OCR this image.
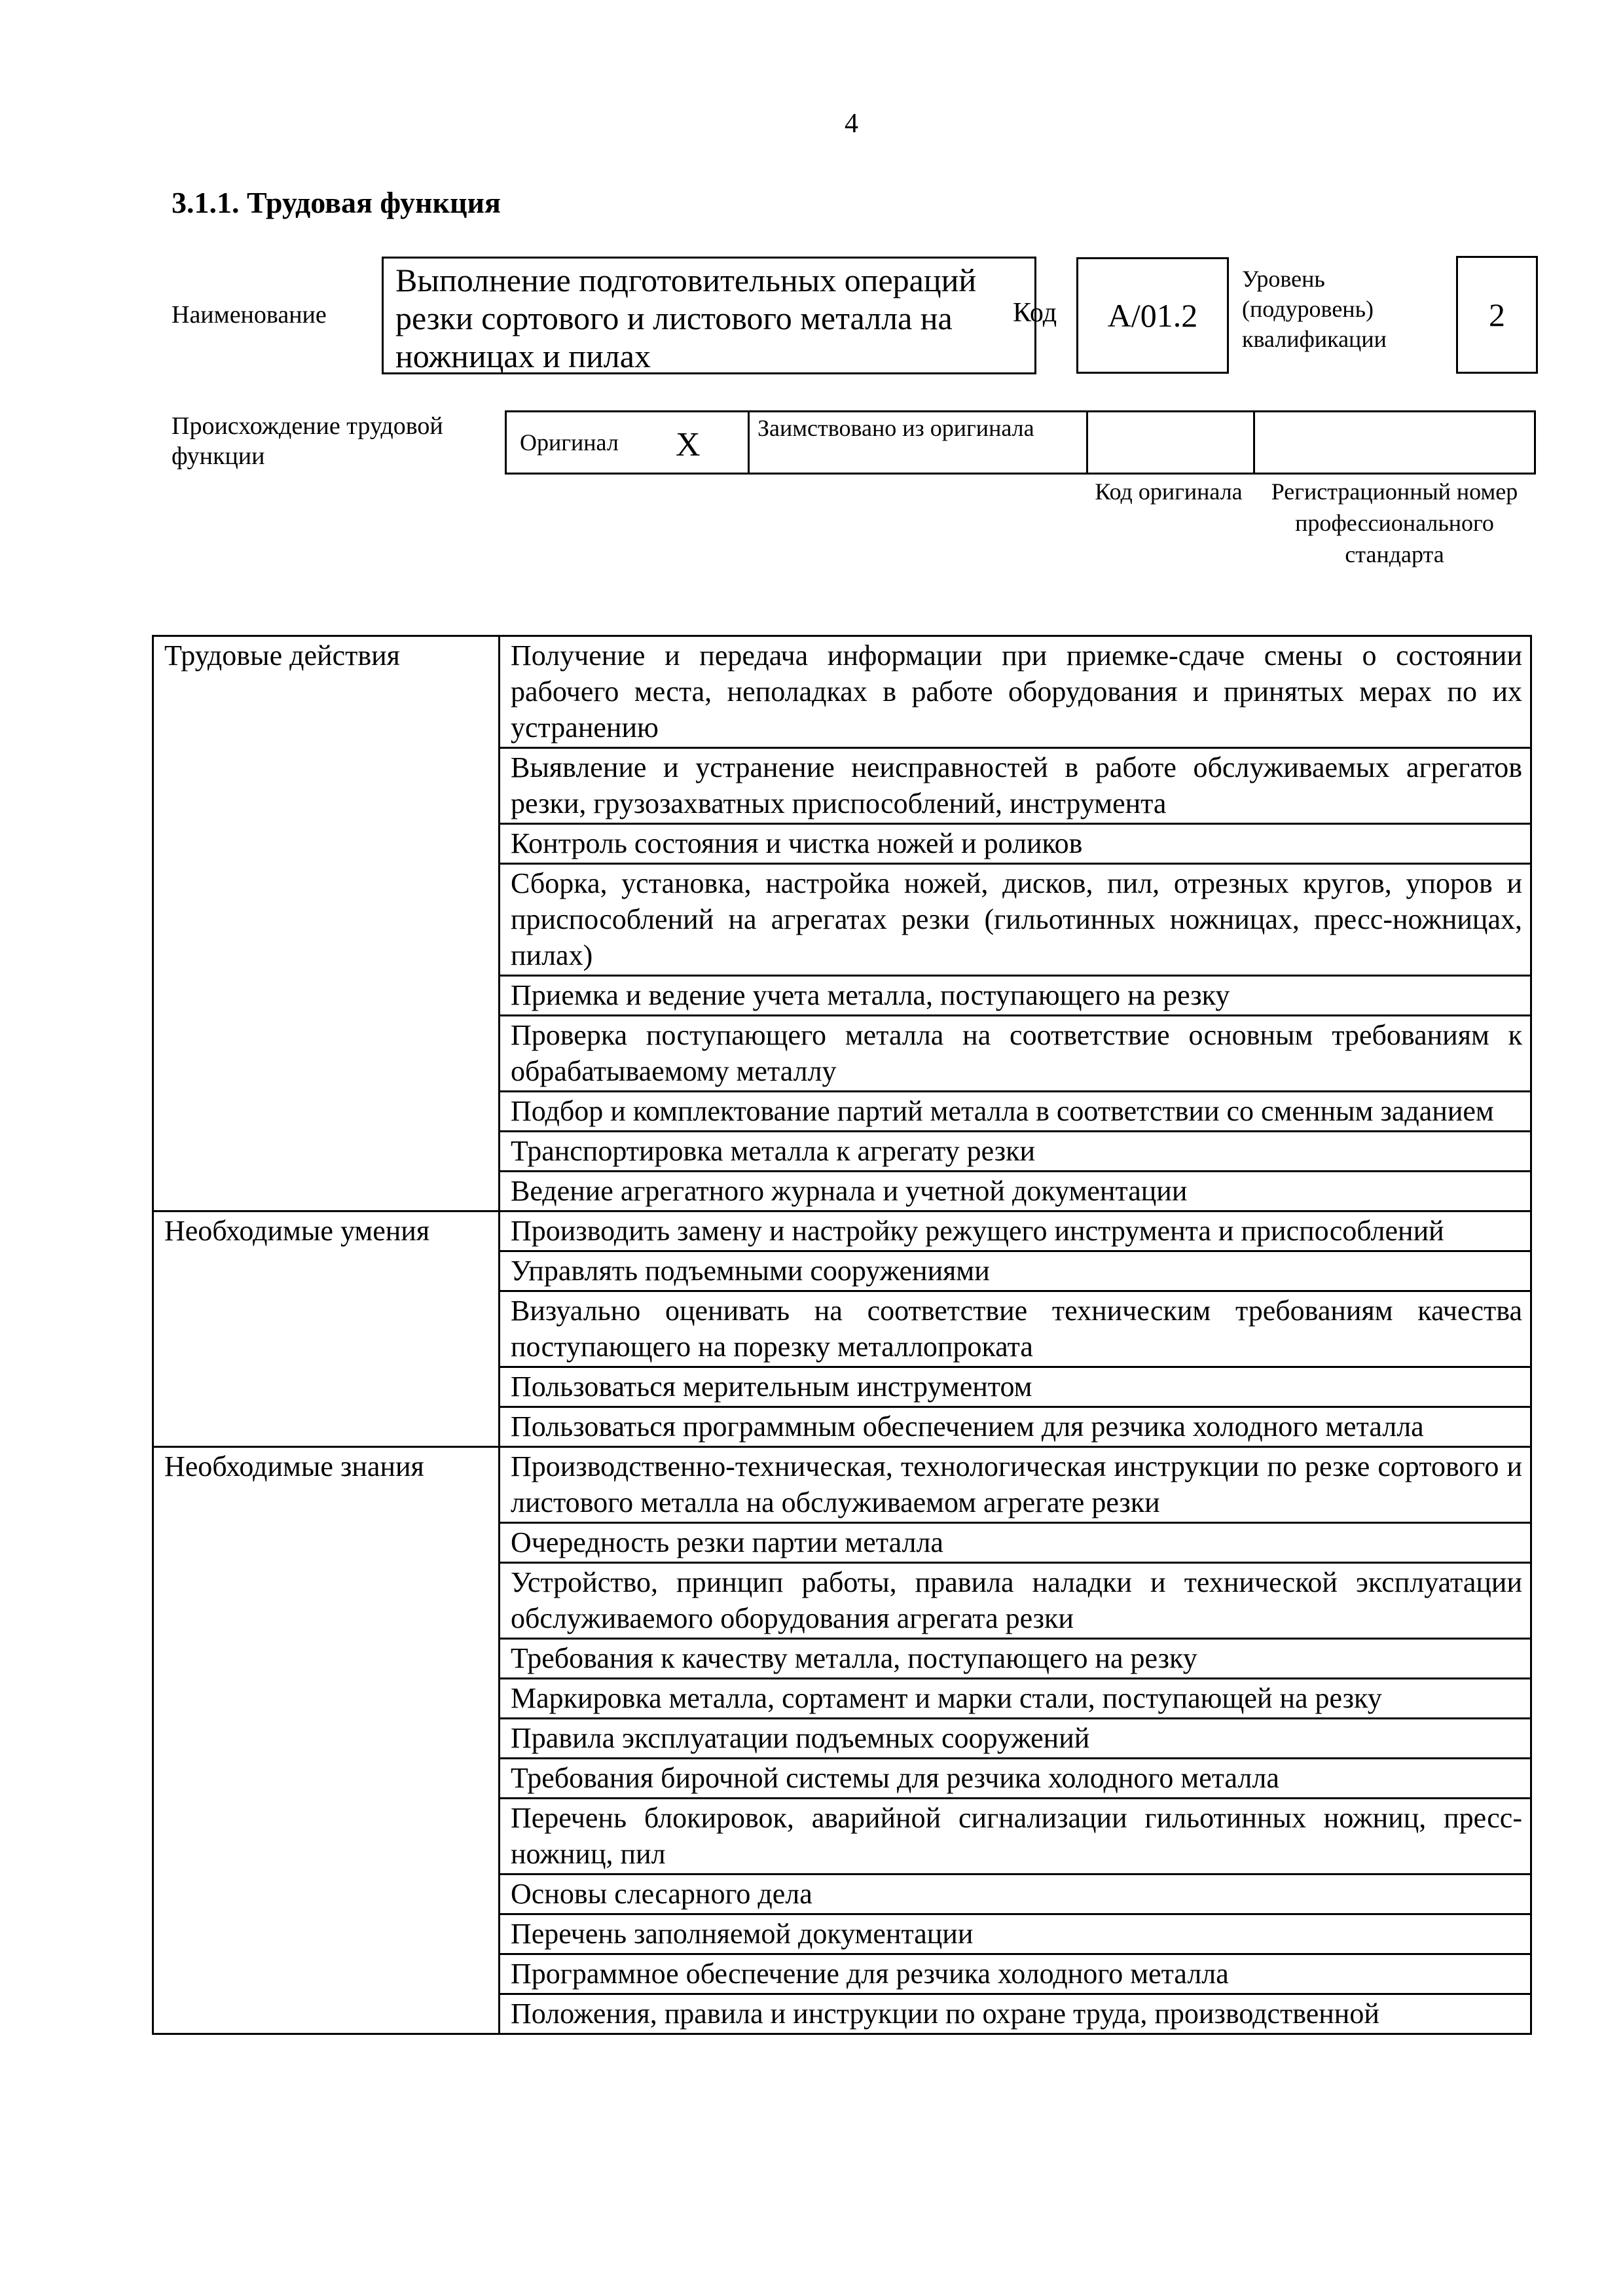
4
3.1.1. Трудовая функция
Наименование
Выполнение подготовительных операций резки сортового и листового металла на ножницах и пилах
Код	A/01.2
Уровень (подуровень) квалификации
2
Происхождение трудовой функции	Оригинал X	Заимствовано из оригинала
Код оригинала	Регистрационный номер профессионального стандарта
Трудовые действия	Получение и передача информации при приемке-сдаче смены о состоянии рабочего места, неполадках в работе оборудования и принятых мерах по их устранению
	Выявление и устранение неисправностей в работе обслуживаемых агрегатов резки, грузозахватных приспособлений, инструмента
	Контроль состояния и чистка ножей и роликов
	Сборка, установка, настройка ножей, дисков, пил, отрезных кругов, упоров и приспособлений на агрегатах резки (гильотинных ножницах, пресс-ножницах, пилах)
	Приемка и ведение учета металла, поступающего на резку
	Проверка поступающего металла на соответствие основным требованиям к обрабатываемому металлу
	Подбор и комплектование партий металла в соответствии со сменным заданием
	Транспортировка металла к агрегату резки
	Ведение агрегатного журнала и учетной документации
Необходимые умения	Производить замену и настройку режущего инструмента и приспособлений
	Управлять подъемными сооружениями
	Визуально оценивать на соответствие техническим требованиям качества поступающего на порезку металлопроката
	Пользоваться мерительным инструментом
	Пользоваться программным обеспечением для резчика холодного металла
Необходимые знания	Производственно-техническая, технологическая инструкции по резке сортового и листового металла на обслуживаемом агрегате резки
	Очередность резки партии металла
	Устройство, принцип работы, правила наладки и технической эксплуатации обслуживаемого оборудования агрегата резки
	Требования к качеству металла, поступающего на резку
	Маркировка металла, сортамент и марки стали, поступающей на резку
	Правила эксплуатации подъемных сооружений
	Требования бирочной системы для резчика холодного металла
	Перечень блокировок, аварийной сигнализации гильотинных ножниц, пресс-ножниц, пил
	Основы слесарного дела
	Перечень заполняемой документации
	Программное обеспечение для резчика холодного металла
	Положения, правила и инструкции по охране труда, производственной
